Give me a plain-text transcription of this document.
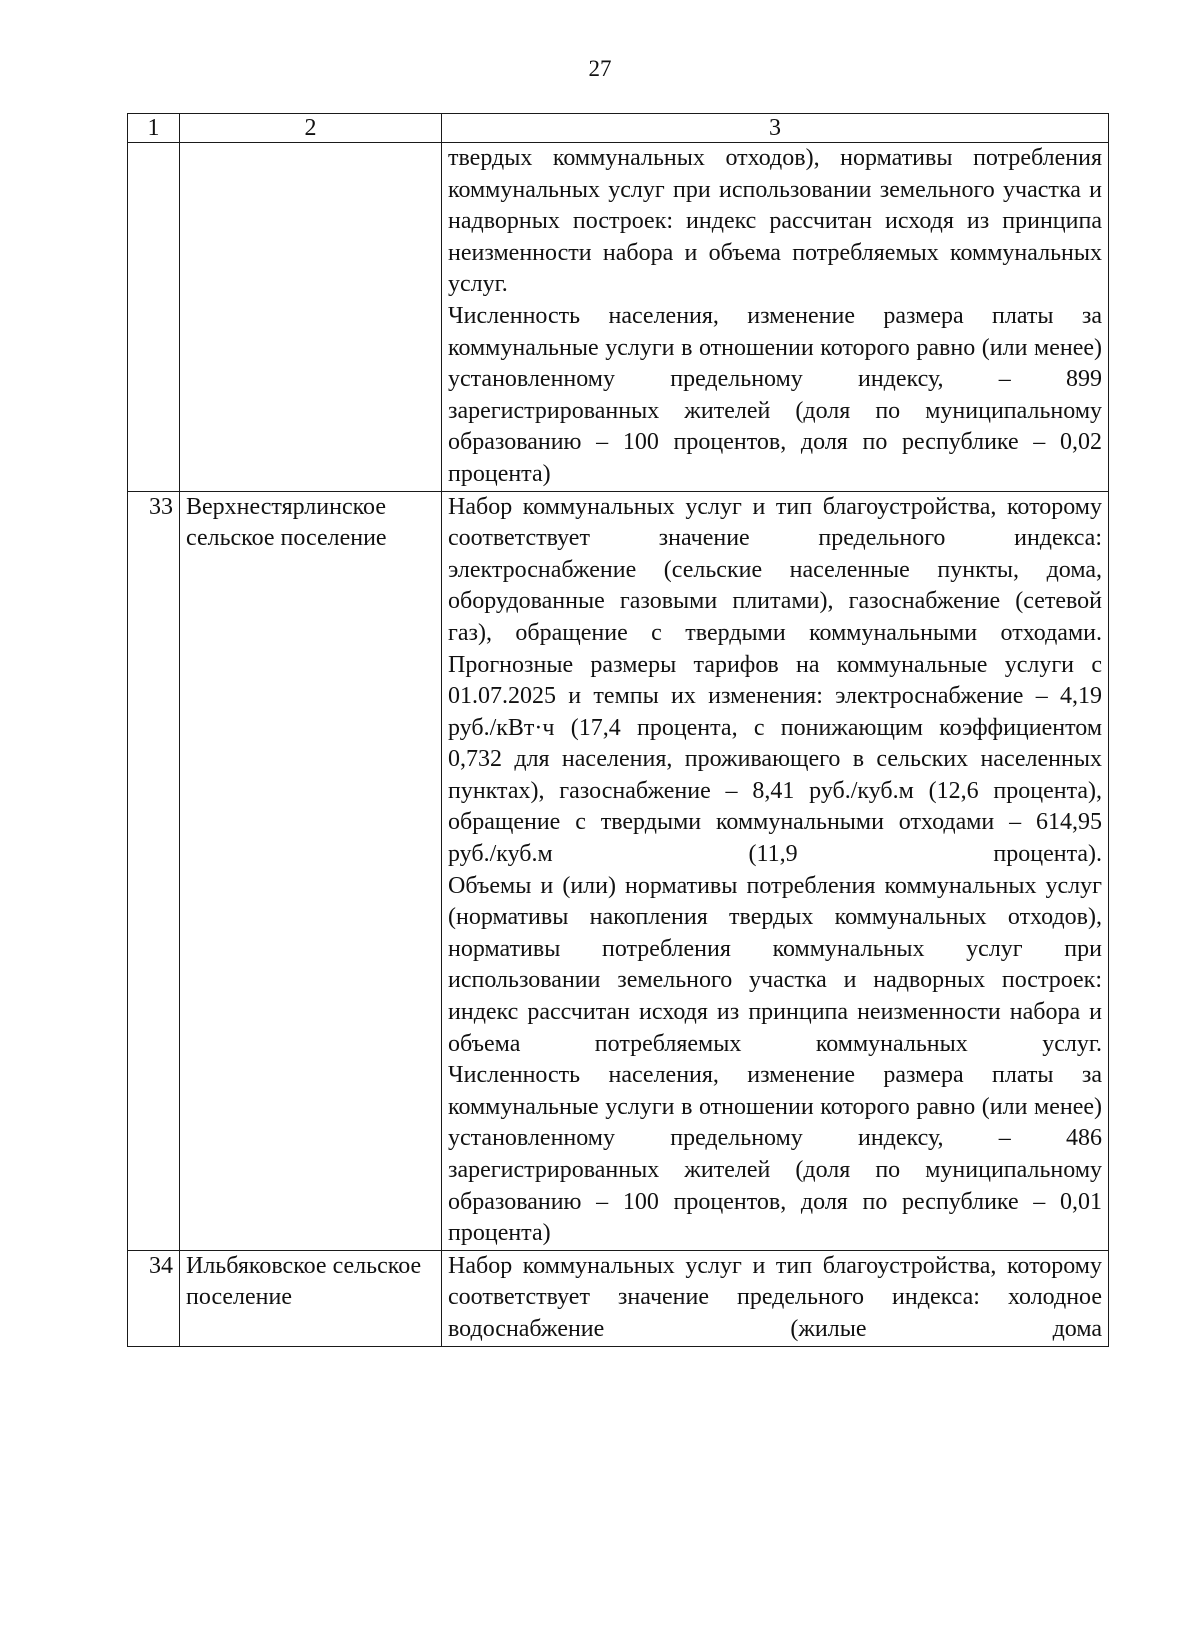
27
1	2	3

		твердых коммунальных отходов), нормативы потребления коммунальных услуг при использовании земельного участка и надворных построек: индекс рассчитан исходя из принципа неизменности набора и объема потребляемых коммунальных услуг.

Численность населения, изменение размера платы за коммунальные услуги в отношении которого равно (или менее) установленному предельному индексу, – 899 зарегистрированных жителей (доля по муниципальному образованию – 100 процентов, доля по республике – 0,02 процента)

33	Верхнестярлинское сельское поселение	Набор коммунальных услуг и тип благоустройства, которому соответствует значение предельного индекса: электроснабжение (сельские населенные пункты, дома, оборудованные газовыми плитами), газоснабжение (сетевой газ), обращение с твердыми коммунальными отходами.

Прогнозные размеры тарифов на коммунальные услуги с 01.07.2025 и темпы их изменения: электроснабжение – 4,19 руб./кВт·ч (17,4 процента, с понижающим коэффициентом 0,732 для населения, проживающего в сельских населенных пунктах), газоснабжение – 8,41 руб./куб.м (12,6 процента), обращение с твердыми коммунальными отходами – 614,95 руб./куб.м (11,9 процента).

Объемы и (или) нормативы потребления коммунальных услуг (нормативы накопления твердых коммунальных отходов), нормативы потребления коммунальных услуг при использовании земельного участка и надворных построек: индекс рассчитан исходя из принципа неизменности набора и объема потребляемых коммунальных услуг.

Численность населения, изменение размера платы за коммунальные услуги в отношении которого равно (или менее) установленному предельному индексу, – 486 зарегистрированных жителей (доля по муниципальному образованию – 100 процентов, доля по республике – 0,01 процента)

34	Ильбяковское сельское поселение	Набор коммунальных услуг и тип благоустройства, которому соответствует значение предельного индекса: холодное водоснабжение (жилые дома
